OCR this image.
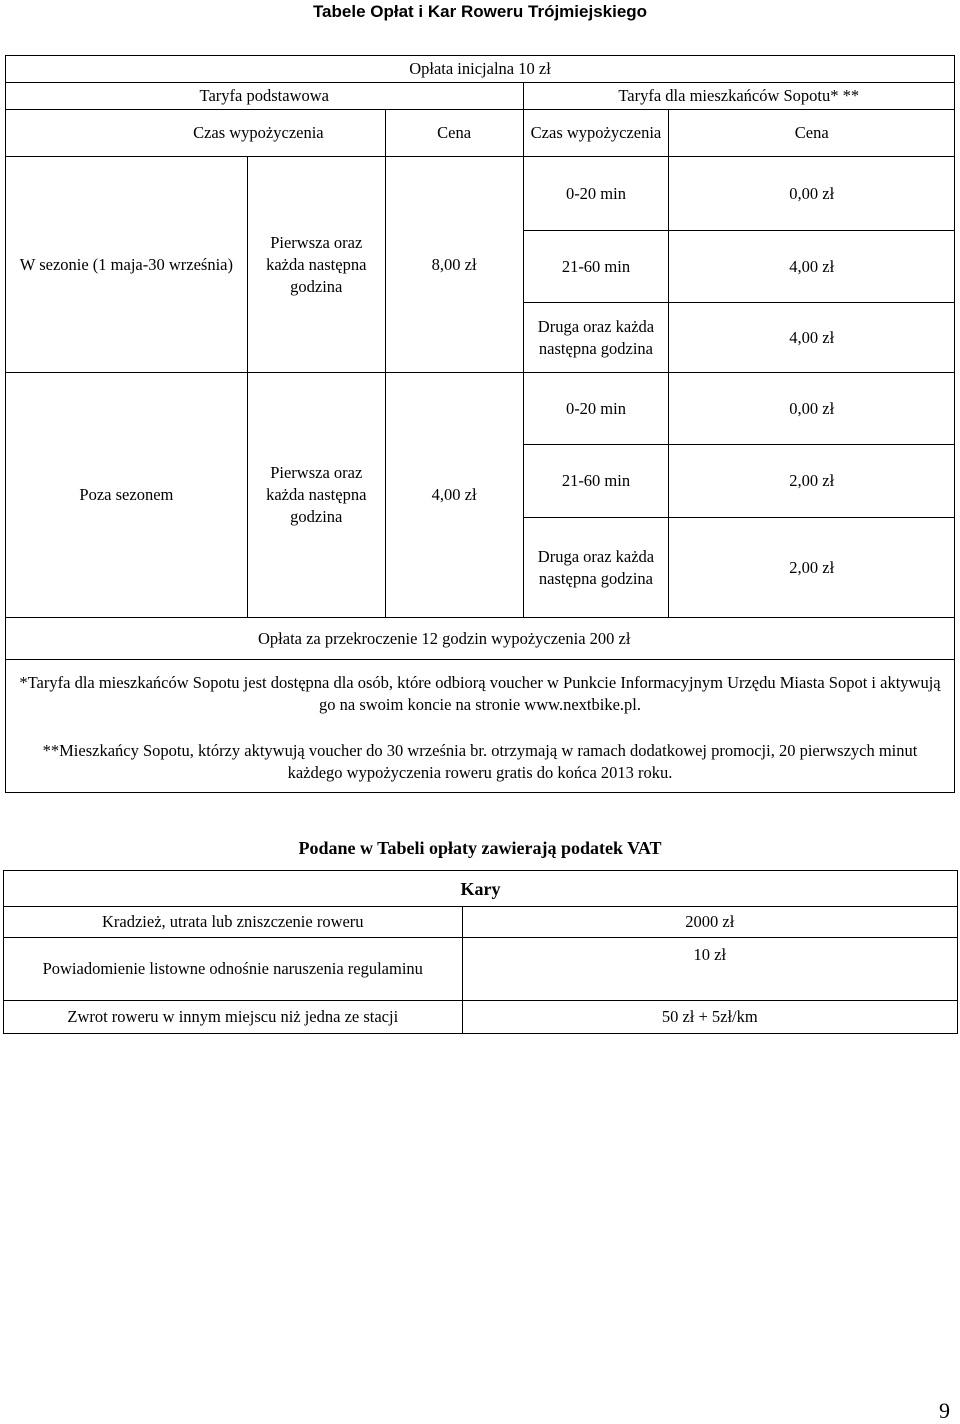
Tabele Opłat i Kar Roweru Trójmiejskiego
Opłata inicjalna 10 zł				
Taryfa podstawowa			Taryfa dla mieszkańców Sopotu* **	
Czas wypożyczenia		Cena	Czas wypożyczenia	Cena
W sezonie (1 maja-30 września)	Pierwsza oraz każda następna godzina	8,00 zł	0-20 min	0,00 zł
			21-60 min	4,00 zł
			Druga oraz każda następna godzina	4,00 zł
Poza sezonem	Pierwsza oraz każda następna godzina	4,00 zł	0-20 min	0,00 zł
			21-60 min	2,00 zł
			Druga oraz każda następna godzina	2,00 zł
Opłata za przekroczenie 12 godzin wypożyczenia 200 zł				

*Taryfa dla mieszkańców Sopotu jest dostępna dla osób, które odbiorą voucher w Punkcie Informacyjnym Urzędu Miasta Sopot i aktywują go na swoim koncie na stronie www.nextbike.pl.
**Mieszkańcy Sopotu, którzy aktywują voucher do 30 września br. otrzymają w ramach dodatkowej promocji, 20 pierwszych minut każdego wypożyczenia roweru gratis do końca 2013 roku.				
Podane w Tabeli opłaty zawierają podatek VAT
Kary	
Kradzież, utrata lub zniszczenie roweru	2000 zł
Powiadomienie listowne odnośnie naruszenia regulaminu	10 zł
Zwrot roweru w innym miejscu niż jedna ze stacji	50 zł + 5zł/km
9
